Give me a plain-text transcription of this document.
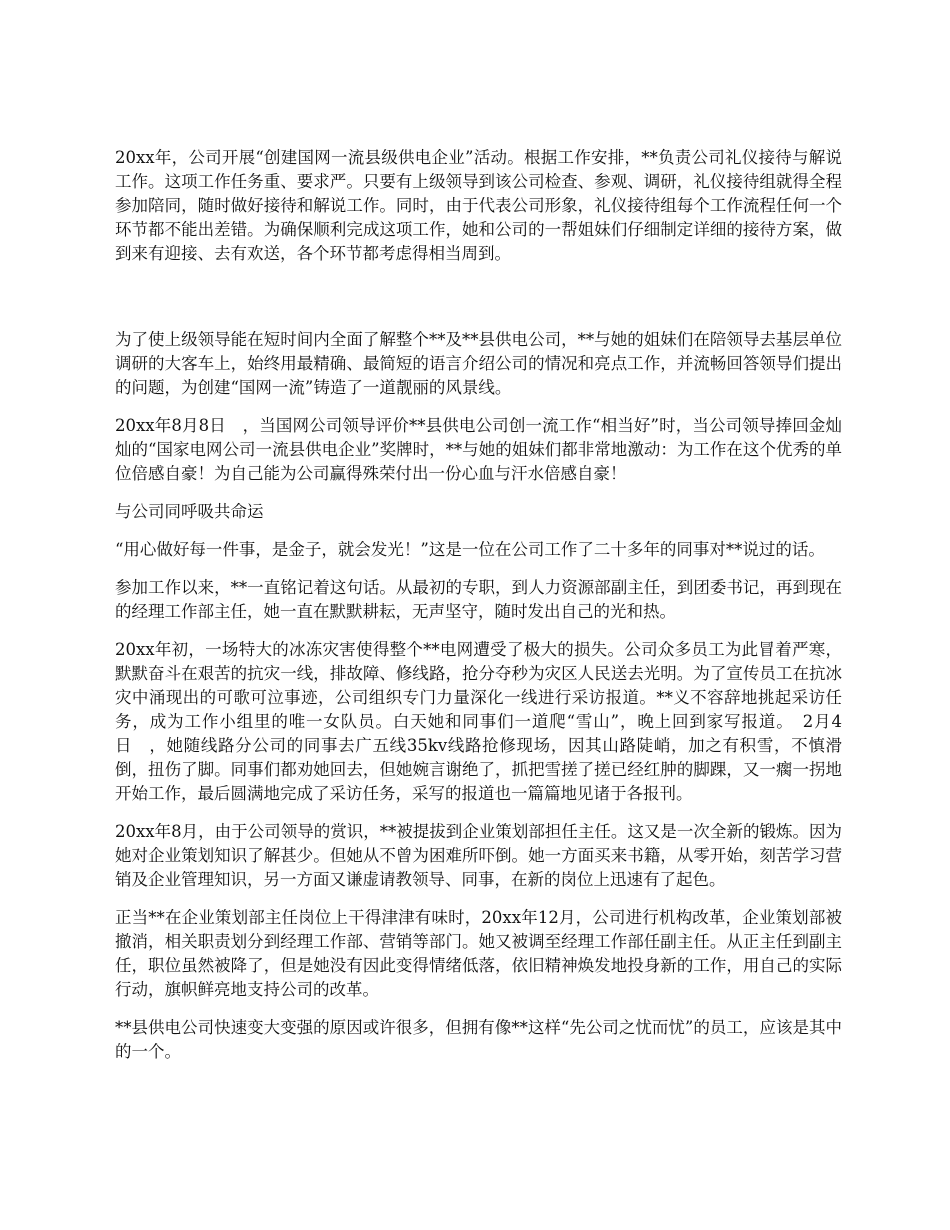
20xx年，公司开展“创建国网一流县级供电企业”活动。根据工作安排，**负责公司礼仪接待与解说工作。这项工作任务重、要求严。只要有上级领导到该公司检查、参观、调研，礼仪接待组就得全程参加陪同，随时做好接待和解说工作。同时，由于代表公司形象，礼仪接待组每个工作流程任何一个环节都不能出差错。为确保顺利完成这项工作，她和公司的一帮姐妹们仔细制定详细的接待方案，做到来有迎接、去有欢送，各个环节都考虑得相当周到。

为了使上级领导能在短时间内全面了解整个**及**县供电公司，**与她的姐妹们在陪领导去基层单位调研的大客车上，始终用最精确、最简短的语言介绍公司的情况和亮点工作，并流畅回答领导们提出的问题，为创建“国网一流”铸造了一道靓丽的风景线。

20xx年8月8日　，当国网公司领导评价**县供电公司创一流工作“相当好”时，当公司领导捧回金灿灿的“国家电网公司一流县供电企业”奖牌时，**与她的姐妹们都非常地激动：为工作在这个优秀的单位倍感自豪！为自己能为公司赢得殊荣付出一份心血与汗水倍感自豪！

与公司同呼吸共命运

“用心做好每一件事，是金子，就会发光！”这是一位在公司工作了二十多年的同事对**说过的话。

参加工作以来，**一直铭记着这句话。从最初的专职，到人力资源部副主任，到团委书记，再到现在的经理工作部主任，她一直在默默耕耘，无声坚守，随时发出自己的光和热。

20xx年初，一场特大的冰冻灾害使得整个**电网遭受了极大的损失。公司众多员工为此冒着严寒，默默奋斗在艰苦的抗灾一线，排故障、修线路，抢分夺秒为灾区人民送去光明。为了宣传员工在抗冰灾中涌现出的可歌可泣事迹，公司组织专门力量深化一线进行采访报道。**义不容辞地挑起采访任务，成为工作小组里的唯一女队员。白天她和同事们一道爬“雪山”，晚上回到家写报道。　2月4日　，她随线路分公司的同事去广五线35kv线路抢修现场，因其山路陡峭，加之有积雪，不慎滑倒，扭伤了脚。同事们都劝她回去，但她婉言谢绝了，抓把雪搓了搓已经红肿的脚踝，又一瘸一拐地开始工作，最后圆满地完成了采访任务，采写的报道也一篇篇地见诸于各报刊。

20xx年8月，由于公司领导的赏识，**被提拔到企业策划部担任主任。这又是一次全新的锻炼。因为她对企业策划知识了解甚少。但她从不曾为困难所吓倒。她一方面买来书籍，从零开始，刻苦学习营销及企业管理知识，另一方面又谦虚请教领导、同事，在新的岗位上迅速有了起色。

正当**在企业策划部主任岗位上干得津津有味时，20xx年12月，公司进行机构改革，企业策划部被撤消，相关职责划分到经理工作部、营销等部门。她又被调至经理工作部任副主任。从正主任到副主任，职位虽然被降了，但是她没有因此变得情绪低落，依旧精神焕发地投身新的工作，用自己的实际行动，旗帜鲜亮地支持公司的改革。

**县供电公司快速变大变强的原因或许很多，但拥有像**这样“先公司之忧而忧”的员工，应该是其中的一个。
